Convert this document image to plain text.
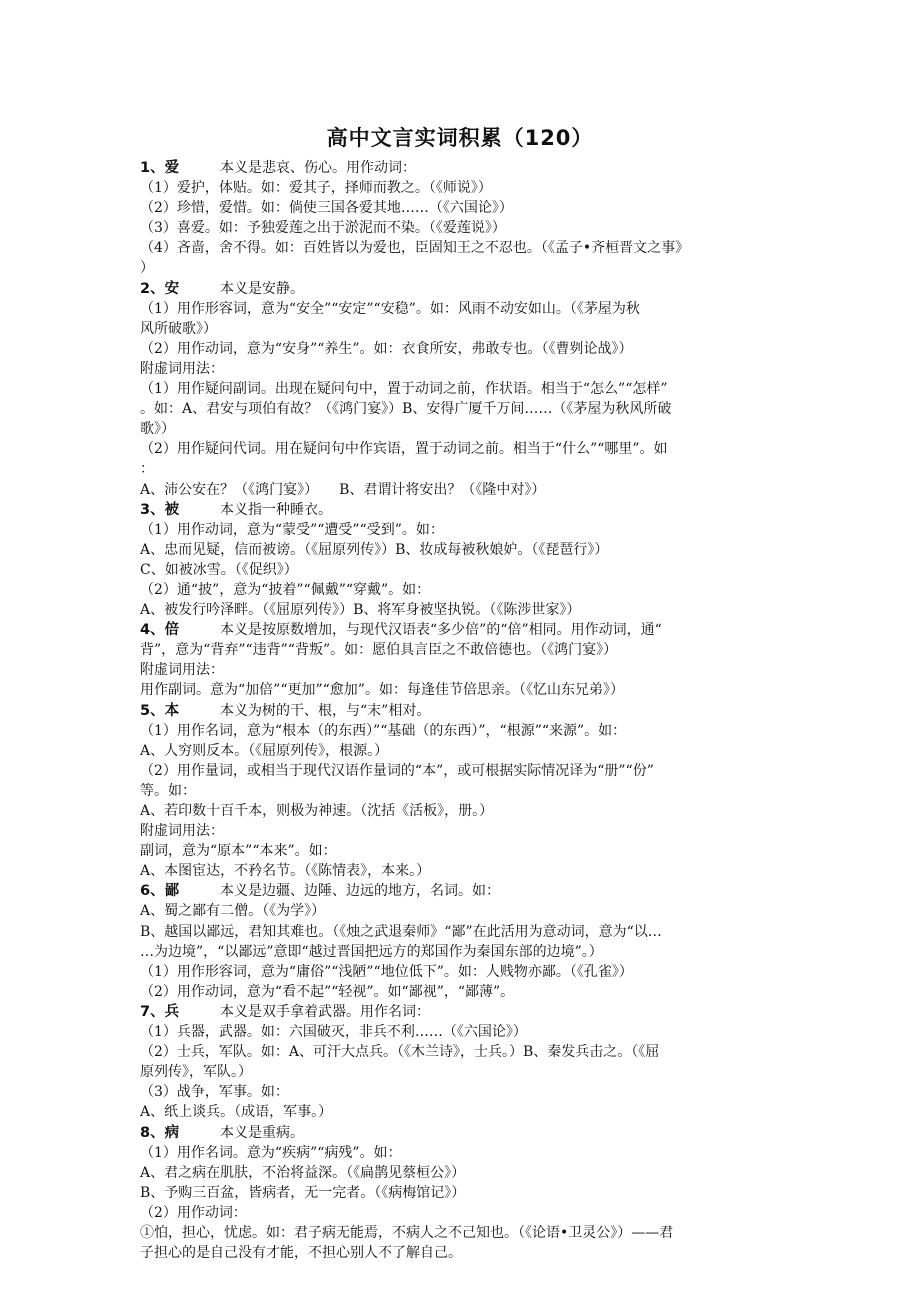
高中文言实词积累（120）
1、爱	本义是悲哀、伤心。用作动词：
（1）爱护，体贴。如：爱其子，择师而教之。（《师说》）
（2）珍惜，爱惜。如：倘使三国各爱其地……（《六国论》）
（3）喜爱。如：予独爱莲之出于淤泥而不染。（《爱莲说》）
（4）吝啬，舍不得。如：百姓皆以为爱也，臣固知王之不忍也。（《孟子•齐桓晋文之事》
）
2、安	本义是安静。
（1）用作形容词，意为“安全”“安定”“安稳”。如：风雨不动安如山。（《茅屋为秋
风所破歌》）
（2）用作动词，意为“安身”“养生”。如：衣食所安，弗敢专也。（《曹刿论战》）
附虚词用法：
（1）用作疑问副词。出现在疑问句中，置于动词之前，作状语。相当于“怎么”“怎样”
。如：A、君安与项伯有故？（《鸿门宴》）B、安得广厦千万间……（《茅屋为秋风所破
歌》）
（2）用作疑问代词。用在疑问句中作宾语，置于动词之前。相当于“什么”“哪里”。如
：
A、沛公安在？（《鸿门宴》）　　B、君谓计将安出？（《隆中对》）
3、被	本义指一种睡衣。
（1）用作动词，意为“蒙受”“遭受”“受到”。如：
A、忠而见疑，信而被谤。（《屈原列传》）B、妆成每被秋娘妒。（《琵琶行》）
C、如被冰雪。（《促织》）
（2）通“披”，意为“披着”“佩戴”“穿戴”。如：
A、被发行吟泽畔。（《屈原列传》）B、将军身被坚执锐。（《陈涉世家》）
4、倍	本义是按原数增加，与现代汉语表“多少倍”的“倍”相同。用作动词，通“
背”，意为“背弃”“违背”“背叛”。如：愿伯具言臣之不敢倍德也。（《鸿门宴》）
附虚词用法：
用作副词。意为“加倍”“更加”“愈加”。如：每逢佳节倍思亲。（《忆山东兄弟》）
5、本	本义为树的干、根，与“末”相对。
（1）用作名词，意为“根本（的东西）”“基础（的东西）”，“根源”“来源”。如：
A、人穷则反本。（《屈原列传》，根源。）
（2）用作量词，或相当于现代汉语作量词的“本”，或可根据实际情况译为“册”“份”
等。如：
A、若印数十百千本，则极为神速。（沈括《活板》，册。）
附虚词用法：
副词，意为“原本”“本来”。如：
A、本图宦达，不矜名节。（《陈情表》，本来。）
6、鄙	本义是边疆、边陲、边远的地方，名词。如：
A、蜀之鄙有二僧。（《为学》）
B、越国以鄙远，君知其难也。（《烛之武退秦师》“鄙”在此活用为意动词，意为“以…
…为边境”，“以鄙远”意即“越过晋国把远方的郑国作为秦国东部的边境”。）
（1）用作形容词，意为“庸俗”“浅陋”“地位低下”。如：人贱物亦鄙。（《孔雀》）
（2）用作动词，意为“看不起”“轻视”。如“鄙视”，“鄙薄”。
7、兵	本义是双手拿着武器。用作名词：
（1）兵器，武器。如：六国破灭，非兵不利……（《六国论》）
（2）士兵，军队。如：A、可汗大点兵。（《木兰诗》，士兵。）B、秦发兵击之。（《屈
原列传》，军队。）
（3）战争，军事。如：
A、纸上谈兵。（成语，军事。）
8、病	本义是重病。
（1）用作名词。意为“疾病”“病残”。如：
A、君之病在肌肤，不治将益深。（《扁鹊见蔡桓公》）
B、予购三百盆，皆病者，无一完者。（《病梅馆记》）
（2）用作动词：
①怕，担心，忧虑。如：君子病无能焉，不病人之不己知也。（《论语•卫灵公》）——君
子担心的是自己没有才能，不担心别人不了解自己。
